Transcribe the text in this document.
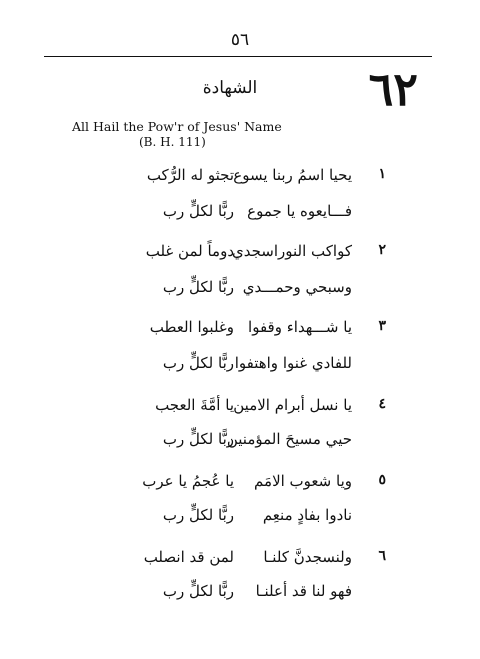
٥٦
٦٢
الشهادة
All Hail the Pow'r of Jesus' Name
(B. H. 111)
١
يحيا اسمُ ربنا يسوع
تجثو له الرُّكب
فـــايعوه يا جموع
ربًّا لكلٍّ رب
٢
كواكب النوراسجدي
دوماً لمن غلب
وسبحي وحمـــدي
ربًّا لكلٍّ رب
٣
يا شـــهداء وقفوا
وغلبوا العطب
للفادي غنوا واهتفوا
ربًّا لكلٍّ رب
٤
يا نسل أبرام الامين
يا أمَّةَ العجب
حيي مسيحَ المؤمنين
ربًّا لكلٍّ رب
٥
ويا شعوب الامَم
يا عُجمُ يا عرب
نادوا بفادٍ منعِم
ربًّا لكلٍّ رب
٦
ولنسجدنَّ كلنـا
لمن قد انصلب
فهو لنا قد أعلنـا
ربًّا لكلٍّ رب
